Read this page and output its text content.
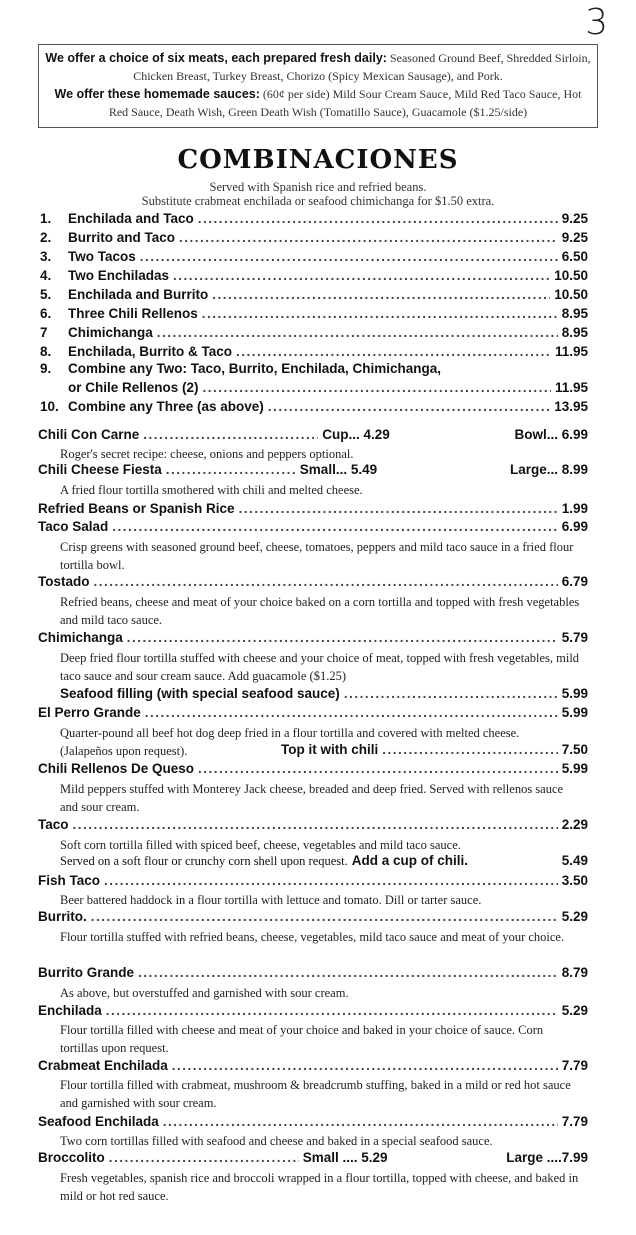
3
We offer a choice of six meats, each prepared fresh daily: Seasoned Ground Beef, Shredded Sirloin, Chicken Breast, Turkey Breast, Chorizo (Spicy Mexican Sausage), and Pork.
We offer these homemade sauces: (60¢ per side) Mild Sour Cream Sauce, Mild Red Taco Sauce, Hot Red Sauce, Death Wish, Green Death Wish (Tomatillo Sauce), Guacamole ($1.25/side)
COMBINACIONES
Served with Spanish rice and refried beans.
Substitute crabmeat enchilada or seafood chimichanga for $1.50 extra.
1.	Enchilada and Taco .....	9.25
2.	Burrito and Taco .....	9.25
3.	Two Tacos .....	6.50
4.	Two Enchiladas .....	10.50
5.	Enchilada and Burrito .....	10.50
6.	Three Chili Rellenos .....	8.95
7	Chimichanga .....	8.95
8.	Enchilada, Burrito & Taco .....	11.95
9.	Combine any Two: Taco, Burrito, Enchilada, Chimichanga,
or Chile Rellenos (2) .....	11.95
10. Combine any Three (as above) .....	13.95
Chili Con Carne .....	Cup... 4.29	Bowl... 6.99
Roger's secret recipe: cheese, onions and peppers optional.
Chili Cheese Fiesta .....	Small... 5.49	Large... 8.99
A fried flour tortilla smothered with chili and melted cheese.
Refried Beans or Spanish Rice .....	1.99
Taco Salad .....	6.99
Crisp greens with seasoned ground beef, cheese, tomatoes, peppers and mild taco sauce in a fried flour tortilla bowl.
Tostado .....	6.79
Refried beans, cheese and meat of your choice baked on a corn tortilla and topped with fresh vegetables and mild taco sauce.
Chimichanga .....	5.79
Deep fried flour tortilla stuffed with cheese and your choice of meat, topped with fresh vegetables, mild taco sauce and sour cream sauce. Add guacamole ($1.25)
Seafood filling (with special seafood sauce) .....	5.99
El Perro Grande .....	5.99
Quarter-pound all beef hot dog deep fried in a flour tortilla and covered with melted cheese. (Jalapeños upon request).	Top it with chili .....	7.50
Chili Rellenos De Queso .....	5.99
Mild peppers stuffed with Monterey Jack cheese, breaded and deep fried. Served with rellenos sauce and sour cream.
Taco .....	2.29
Soft corn tortilla filled with spiced beef, cheese, vegetables and mild taco sauce.
Served on a soft flour or crunchy corn shell upon request. Add a cup of chili.	5.49
Fish Taco .....	3.50
Beer battered haddock in a flour tortilla with lettuce and tomato. Dill or tarter sauce.
Burrito. .....	5.29
Flour tortilla stuffed with refried beans, cheese, vegetables, mild taco sauce and meat of your choice.
Burrito Grande .....	8.79
As above, but overstuffed and garnished with sour cream.
Enchilada .....	5.29
Flour tortilla filled with cheese and meat of your choice and baked in your choice of sauce. Corn tortillas upon request.
Crabmeat Enchilada .....	7.79
Flour tortilla filled with crabmeat, mushroom & breadcrumb stuffing, baked in a mild or red hot sauce and garnished with sour cream.
Seafood Enchilada .....	7.79
Two corn tortillas filled with seafood and cheese and baked in a special seafood sauce.
Broccolito .....	Small .... 5.29	Large ....7.99
Fresh vegetables, spanish rice and broccoli wrapped in a flour tortilla, topped with cheese, and baked in mild or hot red sauce.
